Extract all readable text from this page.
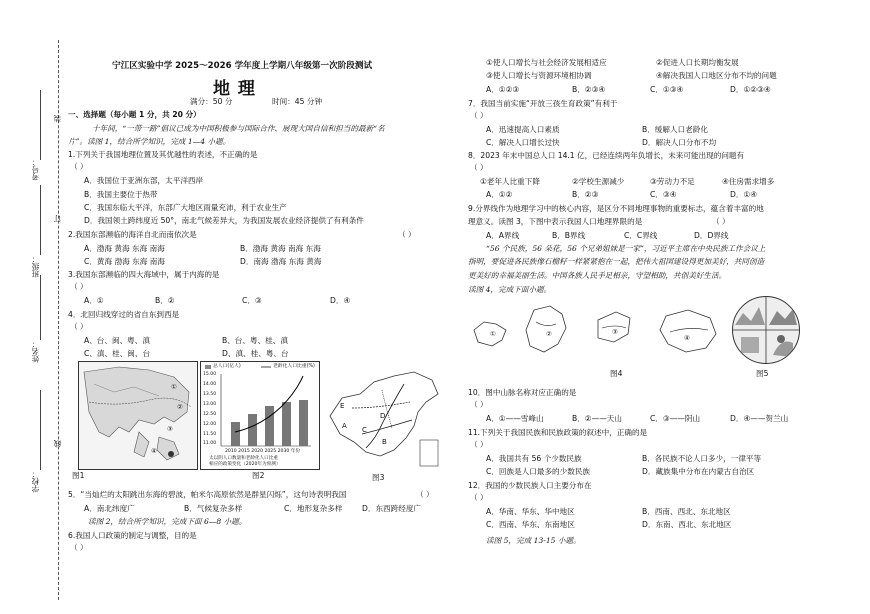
考号：
班级：
姓名：
学校：
装
订
线
宁江区实验中学 2025～2026 学年度上学期八年级第一次阶段测试
地 理
满分：50 分	时间：45 分钟
一、选择题（每小题 1 分，共 20 分）
十年间，“一带一路”倡议已成为中国积极参与国际合作、展现大国自信和担当的最新“名
片”。读图 1，结合所学知识，完成 1—4 小题。
1.下列关于我国地理位置及其优越性的表述，不正确的是
（ ）
A．我国位于亚洲东部，太平洋西岸
B．我国主要位于热带
C．我国东临大平洋，东部广大地区雨量充沛，利于农业生产
D．我国领土跨纬度近 50°，南北气候差异大，为我国发展农业经济提供了有利条件
2.我国东部濒临的海洋自北而南依次是	（ ）
A．渤海 黄海 东海 南海	B．渤海 黄海 南海 东海
C．黄海 渤海 东海 南海	D．南海 渤海 东海 黄海
3.我国东部濒临的四大海域中，属于内海的是
（ ）
A．①	B．②	C．③	D．④
4．北回归线穿过的省自东到西是
（ ）
A、台、闽、粤、滇	B、台、粤、桂、滇
C、滇、桂、闽、台	D、滇、桂、粤、台
①
②
③
④
图1
总人口(亿人)	老龄化人口比重(%)
15.00
14.00
13.50
13.00
12.50
12.00
11.50
11.00
2010 2015 2020 2025 2030 年份
太以阴人口数量和老龄化人口比重
相应的政策变化（2020年为预测）
图2
E
A
D
C
B
图3
5．“当灿烂的太阳跳出东海的碧波，帕米尔高原依然是群星闪烁”，这句诗表明我国	（ ）
A．南北纬度广	B．气候复杂多样	C．地形复杂多样	D．东西跨经度广
读图 2，结合所学知识，完成下面 6—8 小题。
6.我国人口政策的制定与调整，目的是
（ ）
①使人口增长与社会经济发展相适应	②促进人口长期均衡发展
③使人口增长与资源环境相协调	④解决我国人口地区分布不均的问题
A．①②③	B．②③④	C．①③④	D．①②③④
7．我国当前实施“开放三孩生育政策”有利于
（ ）
A．迅速提高人口素质	B．缓解人口老龄化
C．解决人口增长过快	D．解决人口分布不均
8．2023 年末中国总人口 14.1 亿，已经连续两年负增长，未来可能出现的问题有
（ ）
①老年人比重下降	②学校生源减少	③劳动力不足	④住房需求增多
A．①②	B．②③	C．③④	D．①④
9.分界线作为地理学习中的核心内容，是区分不同地理事物的重要标志，蕴含着丰富的地
理意义。读图 3，下图中表示我国人口地理界限的是	（ ）
A．A界线	B．B界线	C．C界线	D．D界线
“56 个民族，56 朵花，56 个兄弟姐妹是一家”，习近平主席在中央民族工作会议上
指明，要促进各民族像石榴籽一样紧紧抱在一起，把伟大祖国建设得更加美好，共同创造
更美好的幸福美丽生活。中国各族人民手足相亲，守望相助，共创美好生活。
读图 4，完成下面小题。
①	②	③
④
图4	图5
10．图中山脉名称对应正确的是
（ ）
A．①——雪峰山	B．②——天山	C．③——阴山	D．④——贺兰山
11.下列关于我国民族和民族政策的叙述中，正确的是
（ ）
A．我国共有 56 个少数民族	B．各民族不论人口多少，一律平等
C．回族是人口最多的少数民族	D．藏族集中分布在内蒙古自治区
12．我国的少数民族人口主要分布在
（ ）
A．华南、华东、华中地区	B．西南、西北、东北地区
C．西南、华东、东南地区	D．东南、西北、东北地区
读图 5，完成 13-15 小题。
